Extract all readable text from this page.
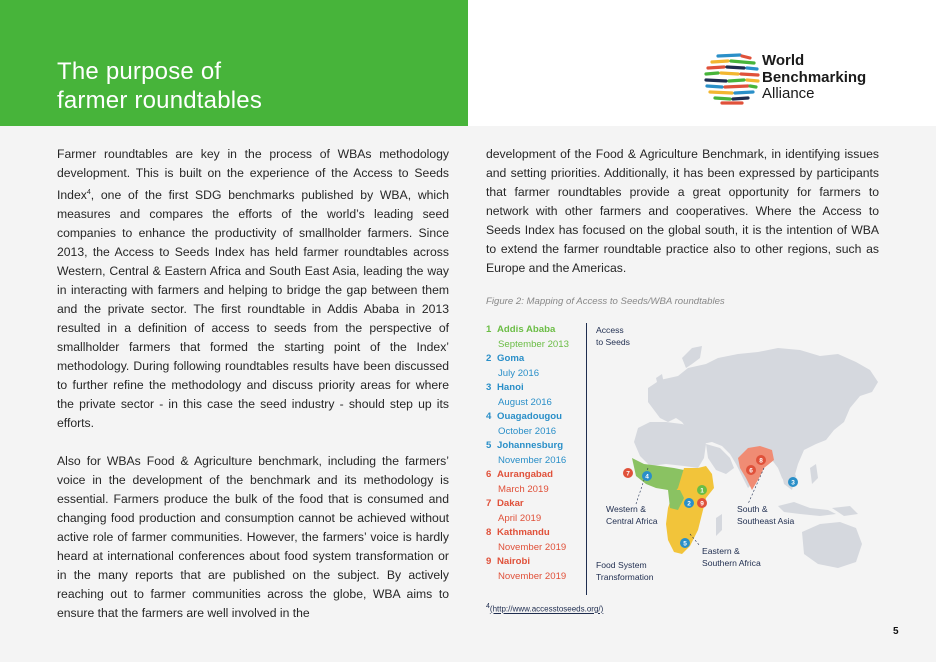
The purpose of
farmer roundtables
World
Benchmarking
Alliance

Farmer roundtables are key in the process of WBAs methodology development. This is built on the experience of the Access to Seeds Index$^4$, one of the first SDG benchmarks published by WBA, which measures and compares the efforts of the world’s leading seed companies to enhance the productivity of smallholder farmers. Since 2013, the Access to Seeds Index has held farmer roundtables across Western, Central & Eastern Africa and South East Asia, leading the way in interacting with farmers and helping to bridge the gap between them and the private sector. The first roundtable in Addis Ababa in 2013 resulted in a definition of access to seeds from the perspective of smallholder farmers that formed the starting point of the Index’ methodology. During following roundtables results have been discussed to further refine the methodology and discuss priority areas for where the private sector - in this case the seed industry - should step up its efforts.

Also for WBAs Food & Agriculture benchmark, including the farmers’ voice in the development of the benchmark and its methodology is essential. Farmers produce the bulk of the food that is consumed and changing food production and consumption cannot be achieved without active role of farmer communities. However, the farmers’ voice is hardly heard at international conferences about food system transformation or in the many reports that are published on the subject. By actively reaching out to farmer communities across the globe, WBA aims to ensure that the farmers are well involved in the

development of the Food & Agriculture Benchmark, in identifying issues and setting priorities. Additionally, it has been expressed by participants that farmer roundtables provide a great opportunity for farmers to network with other farmers and cooperatives. Where the Access to Seeds Index has focused on the global south, it is the intention of WBA to extend the farmer roundtable practice also to other regions, such as Europe and the Americas.

Figure 2: Mapping of Access to Seeds/WBA roundtables
1 Addis Ababa
September 2013
2 Goma
July 2016
3 Hanoi
August 2016
4 Ouagadougou
October 2016
5 Johannesburg
November 2016
6 Aurangabad
March 2019
7 Dakar
April 2019
8 Kathmandu
November 2019
9 Nairobi
November 2019
7 4
1
2 9
5
6
8
3
Access
to Seeds
Food System
Transformation
Western &
Central Africa
Eastern &
Southern Africa
South &
Southeast Asia
$^4$(http://www.accesstoseeds.org/)
5
